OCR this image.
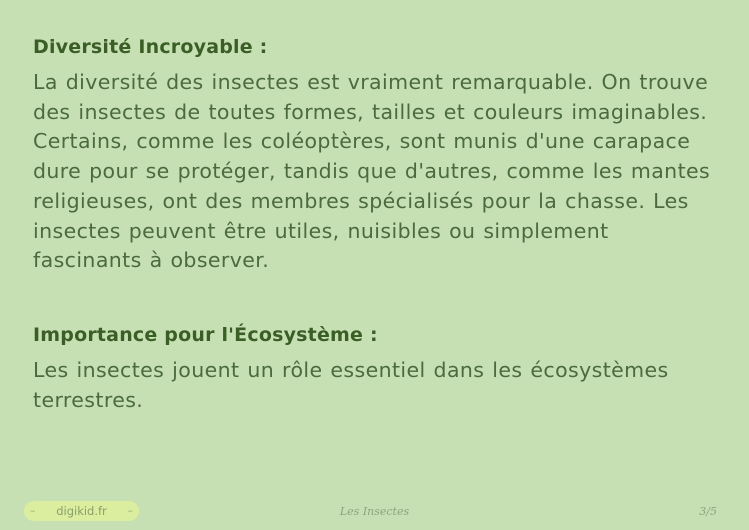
Diversité Incroyable :

La diversité des insectes est vraiment remarquable. On trouve des insectes de toutes formes, tailles et couleurs imaginables. Certains, comme les coléoptères, sont munis d'une carapace dure pour se protéger, tandis que d'autres, comme les mantes religieuses, ont des membres spécialisés pour la chasse. Les insectes peuvent être utiles, nuisibles ou simplement fascinants à observer.

Importance pour l'Écosystème :

Les insectes jouent un rôle essentiel dans les écosystèmes terrestres.

– digikid.fr –	Les Insectes	3/5
